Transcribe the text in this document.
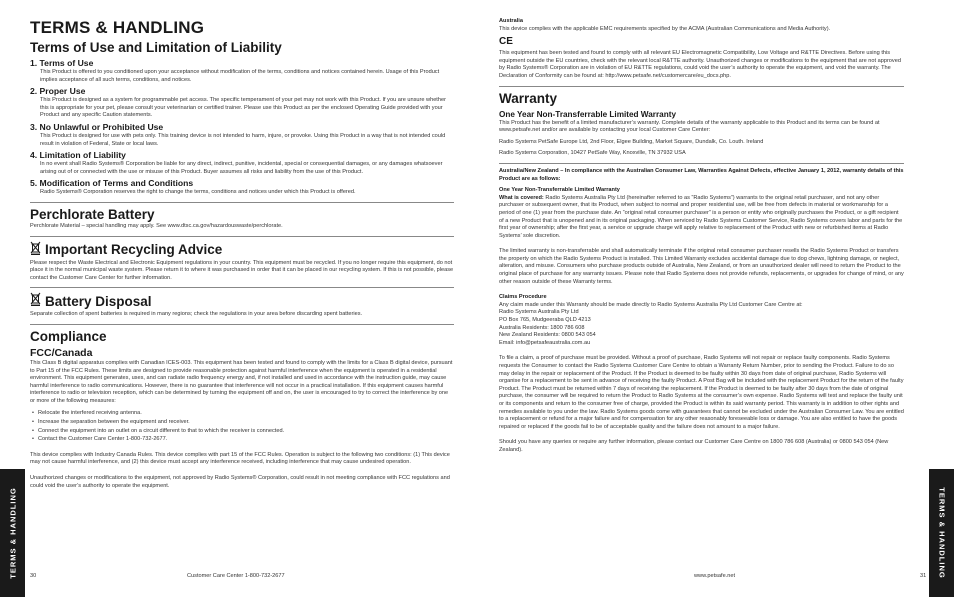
TERMS & HANDLING
Terms of Use and Limitation of Liability
1. Terms of Use
This Product is offered to you conditioned upon your acceptance without modification of the terms, conditions and notices contained herein. Usage of this Product implies acceptance of all such terms, conditions, and notices.
2. Proper Use
This Product is designed as a system for programmable pet access. The specific temperament of your pet may not work with this Product. If you are unsure whether this is appropriate for your pet, please consult your veterinarian or certified trainer. Please use this Product as per the enclosed Operating Guide provided with your Product and any specific Caution statements.
3. No Unlawful or Prohibited Use
This Product is designed for use with pets only. This training device is not intended to harm, injure, or provoke. Using this Product in a way that is not intended could result in violation of Federal, State or local laws.
4. Limitation of Liability
In no event shall Radio Systems® Corporation be liable for any direct, indirect, punitive, incidental, special or consequential damages, or any damages whatsoever arising out of or connected with the use or misuse of this Product. Buyer assumes all risks and liability from the use of this Product.
5. Modification of Terms and Conditions
Radio Systems® Corporation reserves the right to change the terms, conditions and notices under which this Product is offered.
Perchlorate Battery
Perchlorate Material – special handling may apply. See www.dtsc.ca.gov/hazardouswaste/perchlorate.
Important Recycling Advice
Please respect the Waste Electrical and Electronic Equipment regulations in your country. This equipment must be recycled. If you no longer require this equipment, do not place it in the normal municipal waste system. Please return it to where it was purchased in order that it can be placed in our recycling system. If this is not possible, please contact the Customer Care Center for further information.
Battery Disposal
Separate collection of spent batteries is required in many regions; check the regulations in your area before discarding spent batteries.
Compliance
FCC/Canada
This Class B digital apparatus complies with Canadian ICES-003. This equipment has been tested and found to comply with the limits for a Class B digital device, pursuant to Part 15 of the FCC Rules. These limits are designed to provide reasonable protection against harmful interference when the equipment is operated in a residential environment. This equipment generates, uses, and can radiate radio frequency energy and, if not installed and used in accordance with the instruction guide, may cause harmful interference to radio communications. However, there is no guarantee that interference will not occur in a practical installation. If this equipment causes harmful interference to radio or television reception, which can be determined by turning the equipment off and on, the user is encouraged to try to correct the interference by one or more of the following measures:
• Relocate the interfered receiving antenna.
• Increase the separation between the equipment and receiver.
• Connect the equipment into an outlet on a circuit different to that to which the receiver is connected.
• Contact the Customer Care Center 1-800-732-2677.
This device complies with Industry Canada Rules. This device complies with part 15 of the FCC Rules. Operation is subject to the following two conditions: (1) This device may not cause harmful interference, and (2) this device must accept any interference received, including interference that may cause undesired operation.
Unauthorized changes or modifications to the equipment, not approved by Radio Systems® Corporation, could result in not meeting compliance with FCC regulations and could void the user’s authority to operate the equipment.
TERMS & HANDLING 30	Customer Care Center 1-800-732-2677
Australia
This device complies with the applicable EMC requirements specified by the ACMA (Australian Communications and Media Authority).
CE
This equipment has been tested and found to comply with all relevant EU Electromagnetic Compatibility, Low Voltage and R&TTE Directives. Before using this equipment outside the EU countries, check with the relevant local R&TTE authority. Unauthorized changes or modifications to the equipment that are not approved by Radio Systems® Corporation are in violation of EU R&TTE regulations, could void the user’s authority to operate the equipment, and void the warranty. The Declaration of Conformity can be found at: http://www.petsafe.net/customercare/eu_docs.php.
Warranty
One Year Non-Transferrable Limited Warranty
This Product has the benefit of a limited manufacturer’s warranty. Complete details of the warranty applicable to this Product and its terms can be found at www.petsafe.net and/or are available by contacting your local Customer Care Center:
Radio Systems PetSafe Europe Ltd, 2nd Floor, Elgee Building, Market Square, Dundalk, Co. Louth. Ireland
Radio Systems Corporation, 10427 PetSafe Way, Knoxville, TN 37932 USA
Australia/New Zealand – In compliance with the Australian Consumer Law, Warranties Against Defects, effective January 1, 2012, warranty details of this Product are as follows:
One Year Non-Transferrable Limited Warranty
What is covered: Radio Systems Australia Pty Ltd (hereinafter referred to as “Radio Systems”) warrants to the original retail purchaser, and not any other purchaser or subsequent owner, that its Product, when subject to normal and proper residential use, will be free from defects in material or workmanship for a period of one (1) year from the purchase date. An “original retail consumer purchaser” is a person or entity who originally purchases the Product, or a gift recipient of a new Product that is unopened and in its original packaging. When serviced by Radio Systems Customer Service, Radio Systems covers labor and parts for the first year of ownership; after the first year, a service or upgrade charge will apply relative to replacement of the Product with new or refurbished items at Radio Systems’ sole discretion.
The limited warranty is non-transferrable and shall automatically terminate if the original retail consumer purchaser resells the Radio Systems Product or transfers the property on which the Radio Systems Product is installed. This Limited Warranty excludes accidental damage due to dog chews, lightning damage, or neglect, alteration, and misuse. Consumers who purchase products outside of Australia, New Zealand, or from an unauthorized dealer will need to return the Product to the original place of purchase for any warranty issues. Please note that Radio Systems does not provide refunds, replacements, or upgrades for change of mind, or any other reason outside of these Warranty terms.
Claims Procedure
Any claim made under this Warranty should be made directly to Radio Systems Australia Pty Ltd Customer Care Centre at:
Radio Systems Australia Pty Ltd
PO Box 765, Mudgeeraba QLD 4213
Australia Residents: 1800 786 608
New Zealand Residents: 0800 543 054
Email: info@petsafeaustralia.com.au
To file a claim, a proof of purchase must be provided. Without a proof of purchase, Radio Systems will not repair or replace faulty components. Radio Systems requests the Consumer to contact the Radio Systems Customer Care Centre to obtain a Warranty Return Number, prior to sending the Product. Failure to do so may delay in the repair or replacement of the Product. If the Product is deemed to be faulty within 30 days from date of original purchase, Radio Systems will organise for a replacement to be sent in advance of receiving the faulty Product. A Post Bag will be included with the replacement Product for the return of the faulty Product. The Product must be returned within 7 days of receiving the replacement. If the Product is deemed to be faulty after 30 days from the date of original purchase, the consumer will be required to return the Product to Radio Systems at the consumer’s own expense. Radio Systems will test and replace the faulty unit or its components and return to the consumer free of charge, provided the Product is within its said warranty period. This warranty is in addition to other rights and remedies available to you under the law. Radio Systems goods come with guarantees that cannot be excluded under the Australian Consumer Law. You are entitled to a replacement or refund for a major failure and for compensation for any other reasonably foreseeable loss or damage. You are also entitled to have the goods repaired or replaced if the goods fail to be of acceptable quality and the failure does not amount to a major failure.
Should you have any queries or require any further information, please contact our Customer Care Centre on 1800 786 608 (Australia) or 0800 543 054 (New Zealand).
TERMS & HANDLING
www.petsafe.net	31
